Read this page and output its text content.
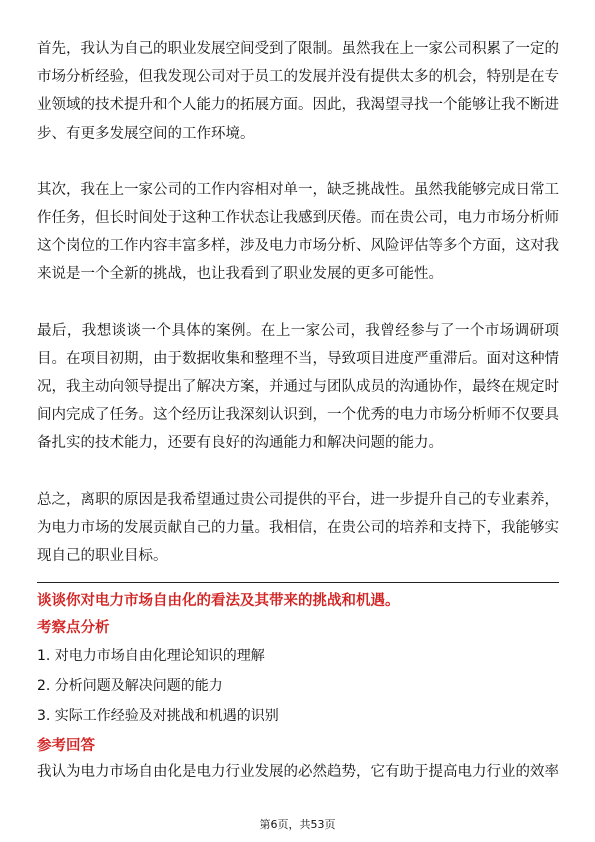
首先，我认为自己的职业发展空间受到了限制。虽然我在上一家公司积累了一定的市场分析经验，但我发现公司对于员工的发展并没有提供太多的机会，特别是在专业领域的技术提升和个人能力的拓展方面。因此，我渴望寻找一个能够让我不断进步、有更多发展空间的工作环境。

其次，我在上一家公司的工作内容相对单一，缺乏挑战性。虽然我能够完成日常工作任务，但长时间处于这种工作状态让我感到厌倦。而在贵公司，电力市场分析师这个岗位的工作内容丰富多样，涉及电力市场分析、风险评估等多个方面，这对我来说是一个全新的挑战，也让我看到了职业发展的更多可能性。

最后，我想谈谈一个具体的案例。在上一家公司，我曾经参与了一个市场调研项目。在项目初期，由于数据收集和整理不当，导致项目进度严重滞后。面对这种情况，我主动向领导提出了解决方案，并通过与团队成员的沟通协作，最终在规定时间内完成了任务。这个经历让我深刻认识到，一个优秀的电力市场分析师不仅要具备扎实的技术能力，还要有良好的沟通能力和解决问题的能力。

总之，离职的原因是我希望通过贵公司提供的平台，进一步提升自己的专业素养，为电力市场的发展贡献自己的力量。我相信，在贵公司的培养和支持下，我能够实现自己的职业目标。

谈谈你对电力市场自由化的看法及其带来的挑战和机遇。

考察点分析

1. 对电力市场自由化理论知识的理解
2. 分析问题及解决问题的能力
3. 实际工作经验及对挑战和机遇的识别

参考回答

我认为电力市场自由化是电力行业发展的必然趋势，它有助于提高电力行业的效率

第6页，共53页
